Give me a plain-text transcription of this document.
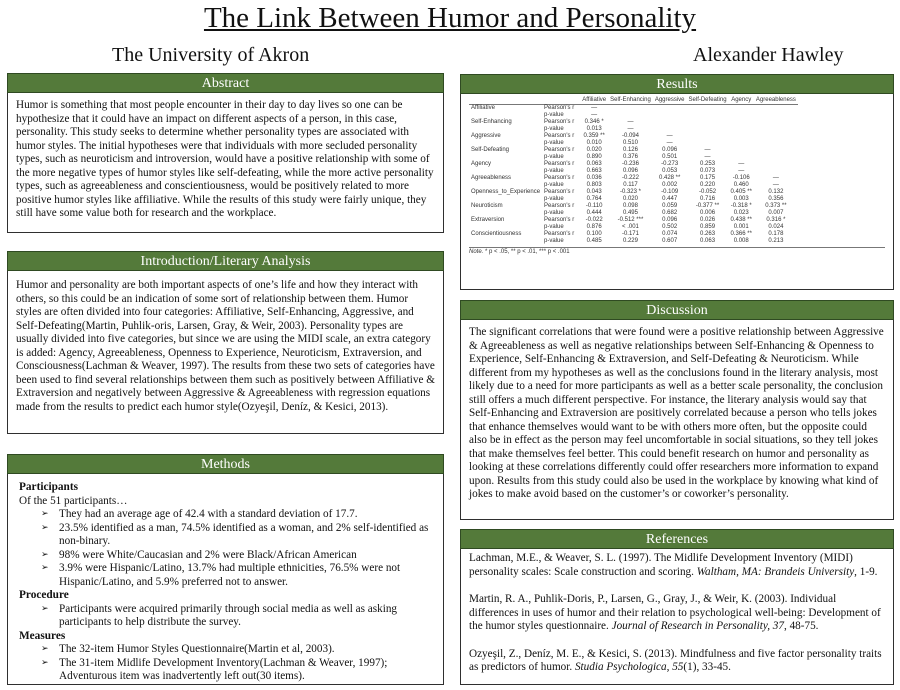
The Link Between Humor and Personality
The University of Akron	Alexander Hawley
Abstract

Humor is something that most people encounter in their day to day lives so one can be hypothesize that it could have an impact on different aspects of a person, in this case, personality. This study seeks to determine whether personality types are associated with humor styles. The initial hypotheses were that individuals with more secluded personality types, such as neuroticism and introversion, would have a positive relationship with some of the more negative types of humor styles like self-defeating, while the more active personality types, such as agreeableness and conscientiousness, would be positively related to more positive humor styles like affiliative. While the results of this study were fairly unique, they still have some value both for research and the workplace.

Introduction/Literary Analysis

Humor and personality are both important aspects of one’s life and how they interact with others, so this could be an indication of some sort of relationship between them. Humor styles are often divided into four categories: Affiliative, Self-Enhancing, Aggressive, and Self-Defeating(Martin, Puhlik-oris, Larsen, Gray, & Weir, 2003). Personality types are usually divided into five categories, but since we are using the MIDI scale, an extra category is added: Agency, Agreeableness, Openness to Experience, Neuroticism, Extraversion, and Consciousness(Lachman & Weaver, 1997). The results from these two sets of categories have been used to find several relationships between them such as positively between Affiliative & Extraversion and negatively between Aggressive & Agreeableness with regression equations made from the results to predict each humor style(Ozyeşil, Deníz, & Kesici, 2013).

Methods
Participants
Of the 51 participants…
➢ They had an average age of 42.4 with a standard deviation of 17.7.
➢ 23.5% identified as a man, 74.5% identified as a woman, and 2% self-identified as non-binary.
➢ 98% were White/Caucasian and 2% were Black/African American
➢ 3.9% were Hispanic/Latino, 13.7% had multiple ethnicities, 76.5% were not Hispanic/Latino, and 5.9% preferred not to answer.
Procedure
➢ Participants were acquired primarily through social media as well as asking participants to help distribute the survey.
Measures
➢ The 32-item Humor Styles Questionnaire(Martin et al, 2003).
➢ The 31-item Midlife Development Inventory(Lachman & Weaver, 1997); Adventurous item was inadvertently left out(30 items).
Results
		Affiliative	Self-Enhancing	Aggressive	Self-Defeating	Agency	Agreeableness
Affiliative	Pearson's r	—					
	p-value	—					
Self-Enhancing	Pearson's r	0.346 *	—				
	p-value	0.013	—				
Aggressive	Pearson's r	0.359 **	-0.094	—			
	p-value	0.010	0.510	—			
Self-Defeating	Pearson's r	0.020	0.126	0.096	—		
	p-value	0.890	0.376	0.501	—		
Agency	Pearson's r	0.063	-0.236	-0.273	0.253	—	
	p-value	0.663	0.096	0.053	0.073	—	
Agreeableness	Pearson's r	0.036	-0.222	0.428 **	0.175	-0.106	—
	p-value	0.803	0.117	0.002	0.220	0.460	—
Openness_to_Experience	Pearson's r	0.043	-0.323 *	-0.109	-0.052	0.405 **	0.132
	p-value	0.764	0.020	0.447	0.716	0.003	0.356
Neuroticism	Pearson's r	-0.110	0.098	0.059	-0.377 **	-0.318 *	0.373 **
	p-value	0.444	0.495	0.682	0.006	0.023	0.007
Extraversion	Pearson's r	-0.022	-0.512 ***	0.096	0.026	0.438 **	0.316 *
	p-value	0.876	< .001	0.502	0.859	0.001	0.024
Conscientiousness	Pearson's r	0.100	-0.171	0.074	0.263	0.366 **	0.178
	p-value	0.485	0.229	0.607	0.063	0.008	0.213
Note. * p < .05, ** p < .01, *** p < .001
Discussion

The significant correlations that were found were a positive relationship between Aggressive & Agreeableness as well as negative relationships between Self-Enhancing & Openness to Experience, Self-Enhancing & Extraversion, and Self-Defeating & Neuroticism. While different from my hypotheses as well as the conclusions found in the literary analysis, most likely due to a need for more participants as well as a better scale personality, the conclusion still offers a much different perspective. For instance, the literary analysis would say that Self-Enhancing and Extraversion are positively correlated because a person who tells jokes that enhance themselves would want to be with others more often, but the opposite could also be in effect as the person may feel uncomfortable in social situations, so they tell jokes that make themselves feel better. This could benefit research on humor and personality as looking at these correlations differently could offer researchers more information to expand upon. Results from this study could also be used in the workplace by knowing what kind of jokes to make avoid based on the customer’s or coworker’s personality.

References

Lachman, M.E., & Weaver, S. L. (1997). The Midlife Development Inventory (MIDI) personality scales: Scale construction and scoring. Waltham, MA: Brandeis University, 1-9.

Martin, R. A., Puhlik-Doris, P., Larsen, G., Gray, J., & Weir, K. (2003). Individual differences in uses of humor and their relation to psychological well-being: Development of the humor styles questionnaire. Journal of Research in Personality, 37, 48-75.

Ozyeşil, Z., Deníz, M. E., & Kesici, S. (2013). Mindfulness and five factor personality traits as predictors of humor. Studia Psychologica, 55(1), 33-45.
